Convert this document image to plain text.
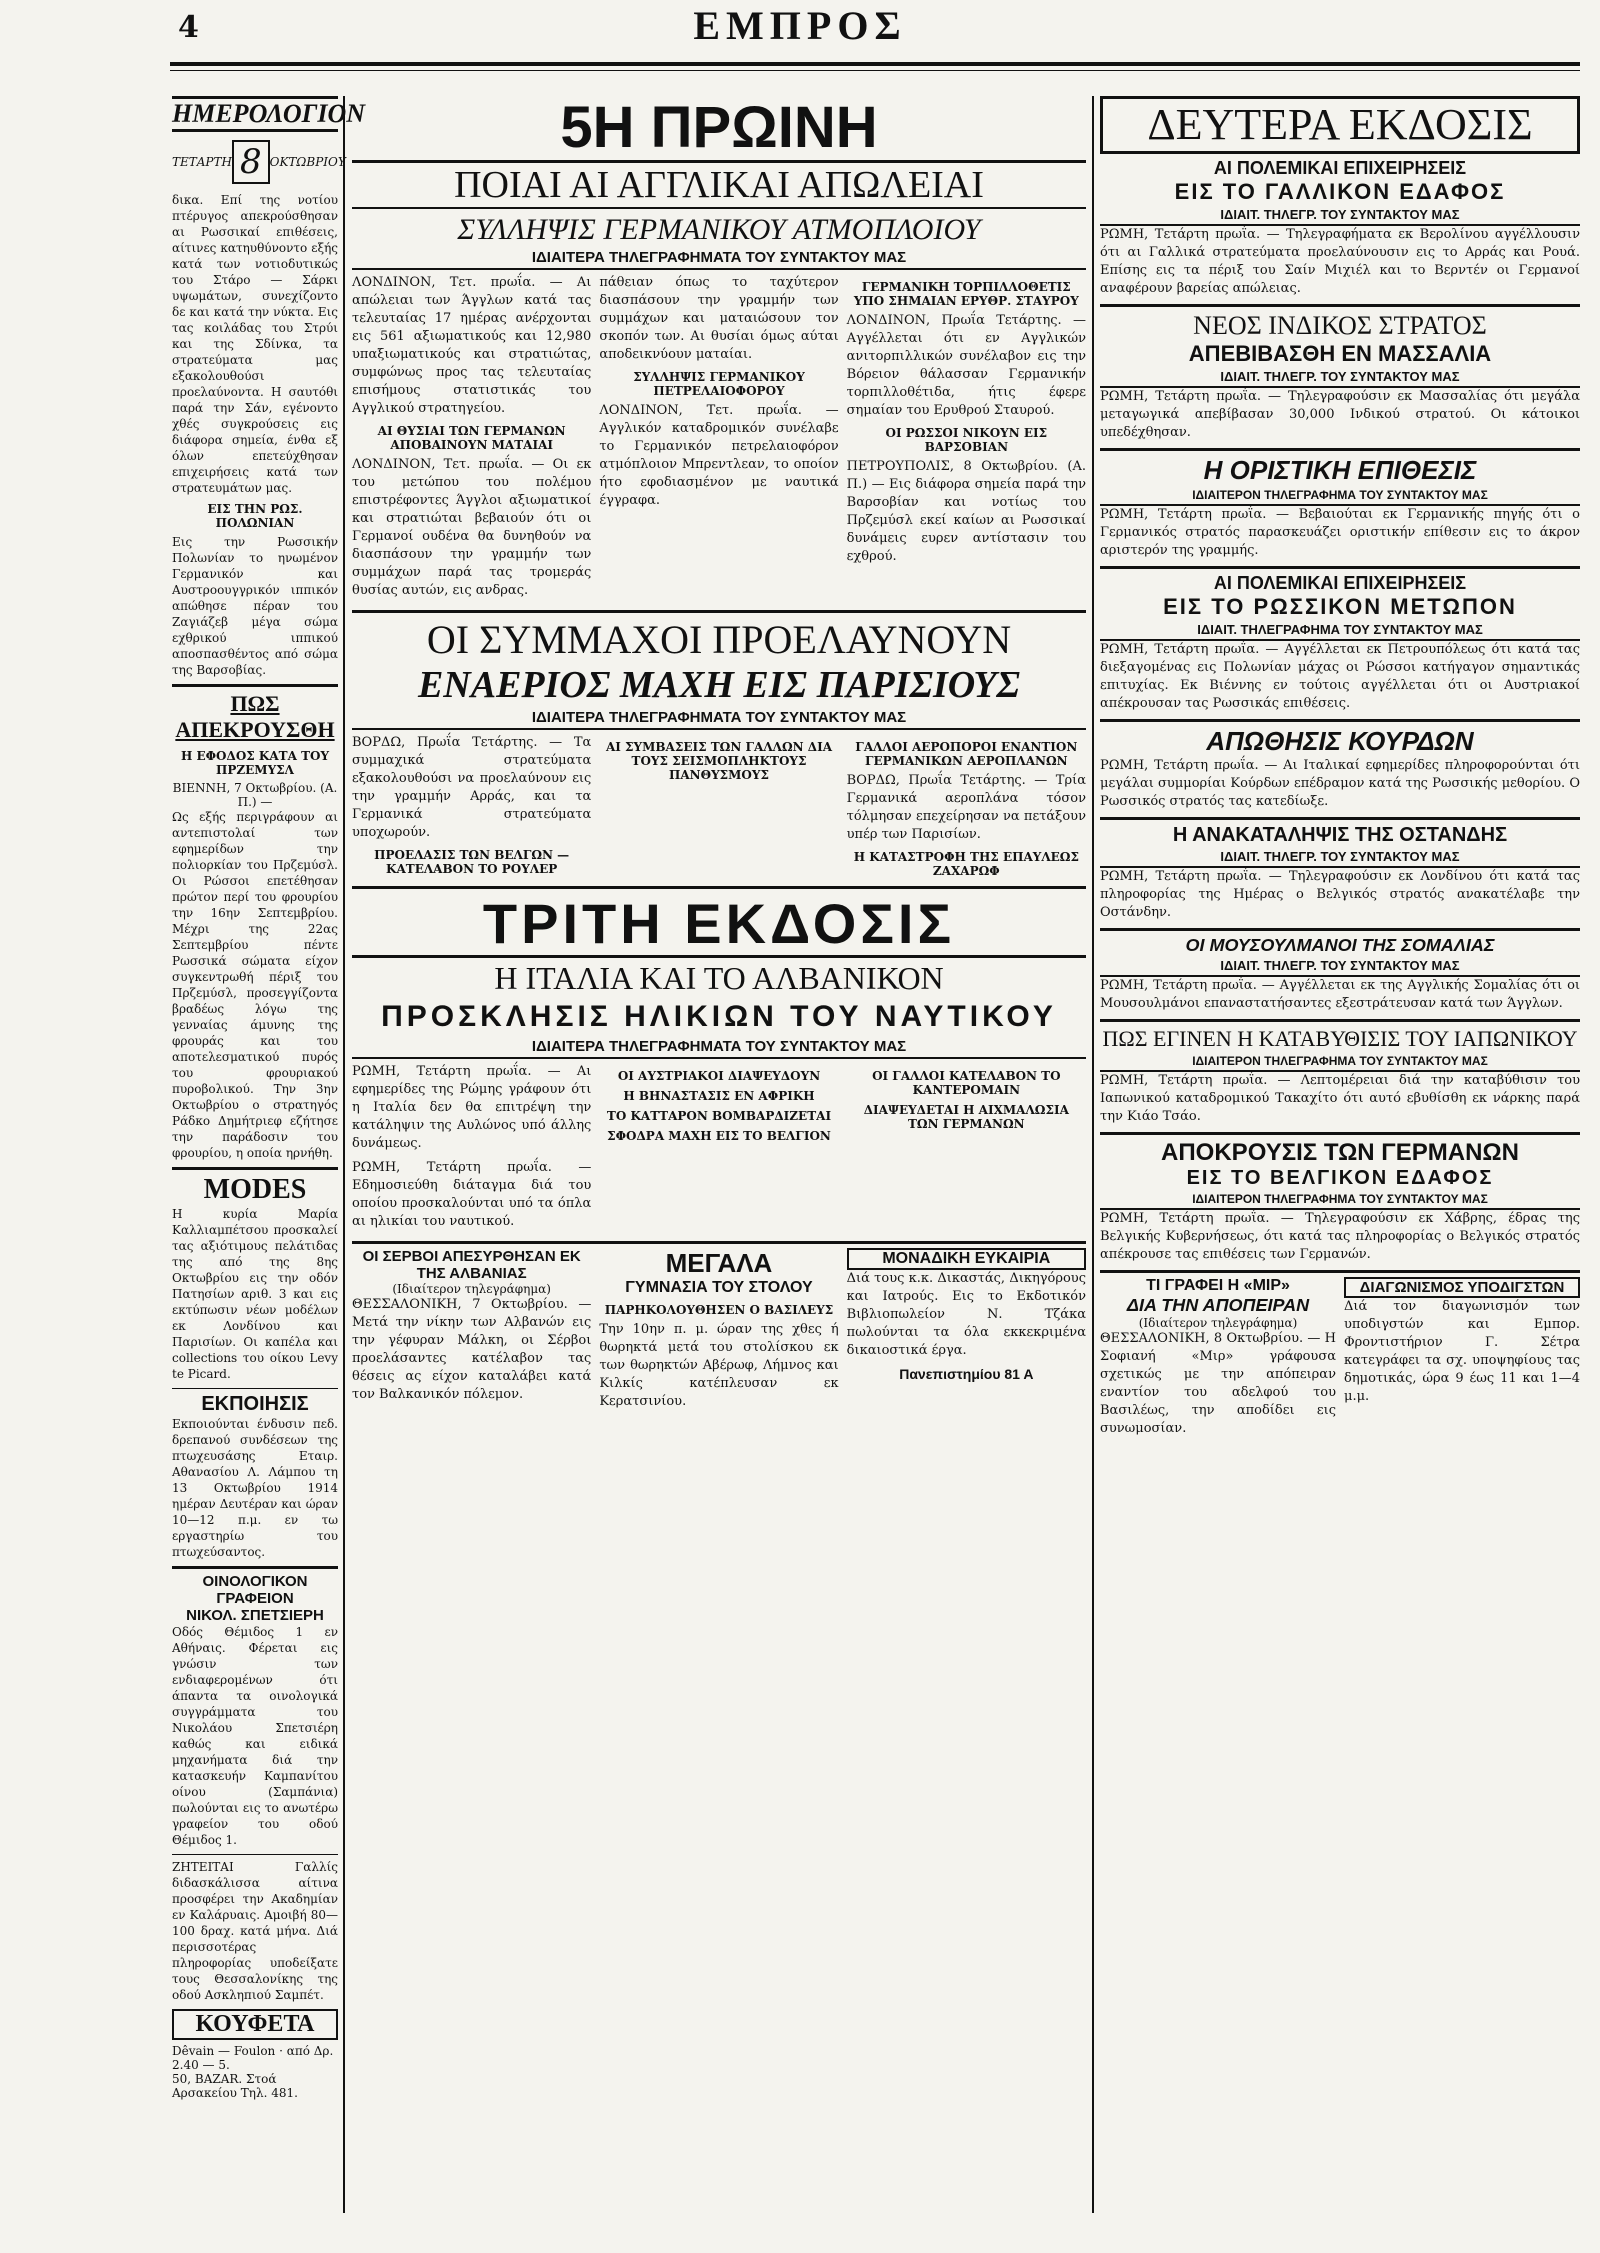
4	ΕΜΠΡΟΣ
ΗΜΕΡΟΛΟΓΙΟΝ
ΤΕΤΑΡΤΗ 8 ΟΚΤΩΒΡΙΟΥ

δικα. Επί της νοτίου πτέρυγος απεκρούσθησαν αι Ρωσσικαί επιθέσεις, αίτινες κατηυθύνοντο εξής κατά των νοτιοδυτικώς του Στάρο — Σάρκι υψωμάτων, συνεχίζοντο δε και κατά την νύκτα. Εις τας κοιλάδας του Στρύι και της Σδίνκα, τα στρατεύματα μας εξακολουθούσι προελαύνοντα. Η σαυτόθι παρά την Σάν, εγένοντο χθές συγκρούσεις εις διάφορα σημεία, ένθα εξ όλων επετεύχθησαν επιχειρήσεις κατά των στρατευμάτων μας.

ΕΙΣ ΤΗΝ ΡΩΣ. ΠΟΛΩΝΙΑΝ

Εις την Ρωσσικήν Πολωνίαν το ηνωμένον Γερμανικόν και Αυστροουγγρικόν ιππικόν απώθησε πέραν του Ζαγιάζεβ μέγα σώμα εχθρικού ιππικού αποσπασθέντος από σώμα της Βαρσοβίας.

ΠΩΣ ΑΠΕΚΡΟΥΣΘΗ
Η ΕΦΟΔΟΣ ΚΑΤΑ ΤΟΥ ΠΡΖΕΜΥΣΛ
ΒΙΕΝΝΗ, 7 Οκτωβρίου. (Α. Π.) —

Ως εξής περιγράφουν αι αντεπιστολαί των εφημερίδων την πολιορκίαν του Πρζεμύσλ. Οι Ρώσσοι επετέθησαν πρώτον περί του φρουρίου την 16ην Σεπτεμβρίου. Μέχρι της 22ας Σεπτεμβρίου πέντε Ρωσσικά σώματα είχον συγκεντρωθή πέριξ του Πρζεμύσλ, προσεγγίζοντα βραδέως λόγω της γενναίας άμυνης της φρουράς και του αποτελεσματικού πυρός του φρουριακού πυροβολικού. Την 3ην Οκτωβρίου ο στρατηγός Ράδκο Δημήτριεφ εζήτησε την παράδοσιν του φρουρίου, η οποία ηρνήθη.

MODES

Η κυρία Μαρία Καλλιαμπέτσου προσκαλεί τας αξιότιμους πελάτιδας της από της 8ης Οκτωβρίου εις την οδόν Πατησίων αριθ. 3 και εις εκτύπωσιν νέων μοδέλων εκ Λονδίνου και Παρισίων. Οι καπέλα και collections του οίκου Levy te Picard.

ΕΚΠΟΙΗΣΙΣ

Εκποιούνται ένδυσιν πεδ. δρεπανού συνδέσεων της πτωχευσάσης Εταιρ. Αθανασίου Λ. Λάμπου τη 13 Οκτωβρίου 1914 ημέραν Δευτέραν και ώραν 10—12 π.μ. εν τω εργαστηρίω του πτωχεύσαντος.

ΟΙΝΟΛΟΓΙΚΟΝ ΓΡΑΦΕΙΟΝ
ΝΙΚΟΛ. ΣΠΕΤΣΙΕΡΗ

Οδός Θέμιδος 1 εν Αθήναις. Φέρεται εις γνώσιν των ενδιαφερομένων ότι άπαντα τα οινολογικά συγγράμματα του Νικολάου Σπετσιέρη καθώς και ειδικά μηχανήματα διά την κατασκευήν Καμπανίτου οίνου (Σαμπάνια) πωλούνται εις το ανωτέρω γραφείον του οδού Θέμιδος 1.

ΖΗΤΕΙΤΑΙ Γαλλίς διδασκάλισσα αίτινα προσφέρει την Ακαδημίαν εν Καλάρυαις. Αμοιβή 80—100 δραχ. κατά μήνα. Διά περισσοτέρας πληροφορίας υποδείξατε τους Θεσσαλονίκης της οδού Ασκληπιού Σαμπέτ.

ΚΟΥΦΕΤΑ
Dêvain — Foulon · από Δρ. 2.40 — 5.
50, BAZAR. Στοά Αρσακείου Τηλ. 481.
5Η ΠΡΩΙΝΗ
ΠΟΙΑΙ ΑΙ ΑΓΓΛΙΚΑΙ ΑΠΩΛΕΙΑΙ
ΣΥΛΛΗΨΙΣ ΓΕΡΜΑΝΙΚΟΥ ΑΤΜΟΠΛΟΙΟΥ
ΙΔΙΑΙΤΕΡΑ ΤΗΛΕΓΡΑΦΗΜΑΤΑ ΤΟΥ ΣΥΝΤΑΚΤΟΥ ΜΑΣ

ΛΟΝΔΙΝΟΝ, Τετ. πρωΐα. — Αι απώλειαι των Άγγλων κατά τας τελευταίας 17 ημέρας ανέρχονται εις 561 αξιωματικούς και 12,980 υπαξιωματικούς και στρατιώτας, συμφώνως προς τας τελευταίας επισήμους στατιστικάς του Αγγλικού στρατηγείου.

ΑΙ ΘΥΣΙΑΙ ΤΩΝ ΓΕΡΜΑΝΩΝ ΑΠΟΒΑΙΝΟΥΝ ΜΑΤΑΙΑΙ

ΛΟΝΔΙΝΟΝ, Τετ. πρωΐα. — Οι εκ του μετώπου του πολέμου επιστρέφοντες Άγγλοι αξιωματικοί και στρατιώται βεβαιούν ότι οι Γερμανοί ουδένα θα δυνηθούν να διασπάσουν την γραμμήν των συμμάχων παρά τας τρομεράς θυσίας αυτών, εις ανδρας.

πάθειαν όπως το ταχύτερον διασπάσουν την γραμμήν των συμμάχων και ματαιώσουν τον σκοπόν των. Αι θυσίαι όμως αύται αποδεικνύουν ματαίαι.

ΣΥΛΛΗΨΙΣ ΓΕΡΜΑΝΙΚΟΥ ΠΕΤΡΕΛΑΙΟΦΟΡΟΥ

ΛΟΝΔΙΝΟΝ, Τετ. πρωΐα. — Αγγλικόν καταδρομικόν συνέλαβε το Γερμανικόν πετρελαιοφόρον ατμόπλοιον Μπρεντλεαν, το οποίον ήτο εφοδιασμένον με ναυτικά έγγραφα.

ΓΕΡΜΑΝΙΚΗ ΤΟΡΠΙΛΛΟΘΕΤΙΣ ΥΠΟ ΣΗΜΑΙΑΝ ΕΡΥΘΡ. ΣΤΑΥΡΟΥ

ΛΟΝΔΙΝΟΝ, Πρωΐα Τετάρτης. — Αγγέλλεται ότι εν Αγγλικών ανιτορπιλλικών συνέλαβον εις την Βόρειον θάλασσαν Γερμανικήν τορπιλλοθέτιδα, ήτις έφερε σημαίαν του Ερυθρού Σταυρού.

ΟΙ ΡΩΣΣΟΙ ΝΙΚΟΥΝ ΕΙΣ ΒΑΡΣΟΒΙΑΝ

ΠΕΤΡΟΥΠΟΛΙΣ, 8 Οκτωβρίου. (Α. Π.) — Εις διάφορα σημεία παρά την Βαρσοβίαν και νοτίως του Πρζεμύσλ εκεί καίων αι Ρωσσικαί δυνάμεις ευρεν αντίστασιν του εχθρού.

ΟΙ ΣΥΜΜΑΧΟΙ ΠΡΟΕΛΑΥΝΟΥΝ
ΕΝΑΕΡΙΟΣ ΜΑΧΗ ΕΙΣ ΠΑΡΙΣΙΟΥΣ
ΙΔΙΑΙΤΕΡΑ ΤΗΛΕΓΡΑΦΗΜΑΤΑ ΤΟΥ ΣΥΝΤΑΚΤΟΥ ΜΑΣ

ΒΟΡΔΩ, Πρωΐα Τετάρτης. — Τα συμμαχικά στρατεύματα εξακολουθούσι να προελαύνουν εις την γραμμήν Αρράς, και τα Γερμανικά στρατεύματα υποχωρούν.

ΠΡΟΕΛΑΣΙΣ ΤΩΝ ΒΕΛΓΩΝ — ΚΑΤΕΛΑΒΟΝ ΤΟ ΡΟΥΛΕΡ
ΑΙ ΣΥΜΒΑΣΕΙΣ ΤΩΝ ΓΑΛΛΩΝ ΔΙΑ ΤΟΥΣ ΣΕΙΣΜΟΠΛΗΚΤΟΥΣ ΠΑΝΘΥΣΜΟΥΣ
ΓΑΛΛΟΙ ΑΕΡΟΠΟΡΟΙ ΕΝΑΝΤΙΟΝ ΓΕΡΜΑΝΙΚΩΝ ΑΕΡΟΠΛΑΝΩΝ

ΒΟΡΔΩ, Πρωΐα Τετάρτης. — Τρία Γερμανικά αεροπλάνα τόσον τόλμησαν επεχείρησαν να πετάξουν υπέρ των Παρισίων.

Η ΚΑΤΑΣΤΡΟΦΗ ΤΗΣ ΕΠΑΥΛΕΩΣ ΖΑΧΑΡΩΦ
ΤΡΙΤΗ ΕΚΔΟΣΙΣ
Η ΙΤΑΛΙΑ ΚΑΙ ΤΟ ΑΛΒΑΝΙΚΟΝ
ΠΡΟΣΚΛΗΣΙΣ ΗΛΙΚΙΩΝ ΤΟΥ ΝΑΥΤΙΚΟΥ
ΙΔΙΑΙΤΕΡΑ ΤΗΛΕΓΡΑΦΗΜΑΤΑ ΤΟΥ ΣΥΝΤΑΚΤΟΥ ΜΑΣ

ΡΩΜΗ, Τετάρτη πρωΐα. — Αι εφημερίδες της Ρώμης γράφουν ότι η Ιταλία δεν θα επιτρέψη την κατάληψιν της Αυλώνος υπό άλλης δυνάμεως.

ΡΩΜΗ, Τετάρτη πρωΐα. — Εδημοσιεύθη διάταγμα διά του οποίου προσκαλούνται υπό τα όπλα αι ηλικίαι του ναυτικού.

ΟΙ ΑΥΣΤΡΙΑΚΟΙ ΔΙΑΨΕΥΔΟΥΝ
Η ΒΗΝΑΣΤΑΣΙΣ ΕΝ ΑΦΡΙΚΗ
ΤΟ ΚΑΤΤΑΡΟΝ ΒΟΜΒΑΡΔΙΖΕΤΑΙ
ΣΦΟΔΡΑ ΜΑΧΗ ΕΙΣ ΤΟ ΒΕΛΓΙΟΝ
ΟΙ ΓΑΛΛΟΙ ΚΑΤΕΛΑΒΟΝ ΤΟ ΚΑΝΤΕΡΟΜΑΙΝ
ΔΙΑΨΕΥΔΕΤΑΙ Η ΑΙΧΜΑΛΩΣΙΑ ΤΩΝ ΓΕΡΜΑΝΩΝ
ΟΙ ΣΕΡΒΟΙ ΑΠΕΣΥΡΘΗΣΑΝ ΕΚ ΤΗΣ ΑΛΒΑΝΙΑΣ
(Ιδιαίτερον τηλεγράφημα)

ΘΕΣΣΑΛΟΝΙΚΗ, 7 Οκτωβρίου. — Μετά την νίκην των Αλβανών εις την γέφυραν Μάλκη, οι Σέρβοι προελάσαντες κατέλαβον τας θέσεις ας είχον καταλάβει κατά τον Βαλκανικόν πόλεμον.

ΜΕΓΑΛΑ
ΓΥΜΝΑΣΙΑ ΤΟΥ ΣΤΟΛΟΥ
ΠΑΡΗΚΟΛΟΥΘΗΣΕΝ Ο ΒΑΣΙΛΕΥΣ

Την 10ην π. μ. ώραν της χθες ή θωρηκτά μετά του στολίσκου εκ των θωρηκτών Αβέρωφ, Λήμνος και Κιλκίς κατέπλευσαν εκ Κερατσινίου.

ΜΟΝΑΔΙΚΗ ΕΥΚΑΙΡΙΑ

Διά τους κ.κ. Δικαστάς, Δικηγόρους και Ιατρούς. Εις το Εκδοτικόν Βιβλιοπωλείον Ν. Τζάκα πωλούνται τα όλα εκκεκριμένα δικαιοστικά έργα.

Πανεπιστημίου 81 Α
ΔΕΥΤΕΡΑ ΕΚΔΟΣΙΣ
ΑΙ ΠΟΛΕΜΙΚΑΙ ΕΠΙΧΕΙΡΗΣΕΙΣ
ΕΙΣ ΤΟ ΓΑΛΛΙΚΟΝ ΕΔΑΦΟΣ
ΙΔΙΑΙΤ. ΤΗΛΕΓΡ. ΤΟΥ ΣΥΝΤΑΚΤΟΥ ΜΑΣ

ΡΩΜΗ, Τετάρτη πρωΐα. — Τηλεγραφήματα εκ Βερολίνου αγγέλλουσιν ότι αι Γαλλικά στρατεύματα προελαύνουσιν εις το Αρράς και Ρουά. Επίσης εις τα πέριξ του Σαίν Μιχιέλ και το Βερντέν οι Γερμανοί αναφέρουν βαρείας απώλειας.

ΝΕΟΣ ΙΝΔΙΚΟΣ ΣΤΡΑΤΟΣ
ΑΠΕΒΙΒΑΣΘΗ ΕΝ ΜΑΣΣΑΛΙΑ
ΙΔΙΑΙΤ. ΤΗΛΕΓΡ. ΤΟΥ ΣΥΝΤΑΚΤΟΥ ΜΑΣ

ΡΩΜΗ, Τετάρτη πρωΐα. — Τηλεγραφούσιν εκ Μασσαλίας ότι μεγάλα μεταγωγικά απεβίβασαν 30,000 Ινδικού στρατού. Οι κάτοικοι υπεδέχθησαν.

Η ΟΡΙΣΤΙΚΗ ΕΠΙΘΕΣΙΣ
ΙΔΙΑΙΤΕΡΟΝ ΤΗΛΕΓΡΑΦΗΜΑ ΤΟΥ ΣΥΝΤΑΚΤΟΥ ΜΑΣ

ΡΩΜΗ, Τετάρτη πρωΐα. — Βεβαιούται εκ Γερμανικής πηγής ότι ο Γερμανικός στρατός παρασκευάζει οριστικήν επίθεσιν εις το άκρον αριστερόν της γραμμής.

ΑΙ ΠΟΛΕΜΙΚΑΙ ΕΠΙΧΕΙΡΗΣΕΙΣ
ΕΙΣ ΤΟ ΡΩΣΣΙΚΟΝ ΜΕΤΩΠΟΝ
ΙΔΙΑΙΤ. ΤΗΛΕΓΡΑΦΗΜΑ ΤΟΥ ΣΥΝΤΑΚΤΟΥ ΜΑΣ

ΡΩΜΗ, Τετάρτη πρωΐα. — Αγγέλλεται εκ Πετρουπόλεως ότι κατά τας διεξαγομένας εις Πολωνίαν μάχας οι Ρώσσοι κατήγαγον σημαντικάς επιτυχίας. Εκ Βιέννης εν τούτοις αγγέλλεται ότι οι Αυστριακοί απέκρουσαν τας Ρωσσικάς επιθέσεις.

ΑΠΩΘΗΣΙΣ ΚΟΥΡΔΩΝ

ΡΩΜΗ, Τετάρτη πρωΐα. — Αι Ιταλικαί εφημερίδες πληροφορούνται ότι μεγάλαι συμμορίαι Κούρδων επέδραμον κατά της Ρωσσικής μεθορίου. Ο Ρωσσικός στρατός τας κατεδίωξε.

Η ΑΝΑΚΑΤΑΛΗΨΙΣ ΤΗΣ ΟΣΤΑΝΔΗΣ
ΙΔΙΑΙΤ. ΤΗΛΕΓΡ. ΤΟΥ ΣΥΝΤΑΚΤΟΥ ΜΑΣ

ΡΩΜΗ, Τετάρτη πρωΐα. — Τηλεγραφούσιν εκ Λονδίνου ότι κατά τας πληροφορίας της Ημέρας ο Βελγικός στρατός ανακατέλαβε την Οστάνδην.

ΟΙ ΜΟΥΣΟΥΛΜΑΝΟΙ ΤΗΣ ΣΟΜΑΛΙΑΣ
ΙΔΙΑΙΤ. ΤΗΛΕΓΡ. ΤΟΥ ΣΥΝΤΑΚΤΟΥ ΜΑΣ

ΡΩΜΗ, Τετάρτη πρωΐα. — Αγγέλλεται εκ της Αγγλικής Σομαλίας ότι οι Μουσουλμάνοι επαναστατήσαντες εξεστράτευσαν κατά των Άγγλων.

ΠΩΣ ΕΓΙΝΕΝ Η ΚΑΤΑΒΥΘΙΣΙΣ ΤΟΥ ΙΑΠΩΝΙΚΟΥ
ΙΔΙΑΙΤΕΡΟΝ ΤΗΛΕΓΡΑΦΗΜΑ ΤΟΥ ΣΥΝΤΑΚΤΟΥ ΜΑΣ

ΡΩΜΗ, Τετάρτη πρωΐα. — Λεπτομέρειαι διά την καταβύθισιν του Ιαπωνικού καταδρομικού Τακαχίτο ότι αυτό εβυθίσθη εκ νάρκης παρά την Κιάο Τσάο.

ΑΠΟΚΡΟΥΣΙΣ ΤΩΝ ΓΕΡΜΑΝΩΝ
ΕΙΣ ΤΟ ΒΕΛΓΙΚΟΝ ΕΔΑΦΟΣ
ΙΔΙΑΙΤΕΡΟΝ ΤΗΛΕΓΡΑΦΗΜΑ ΤΟΥ ΣΥΝΤΑΚΤΟΥ ΜΑΣ

ΡΩΜΗ, Τετάρτη πρωΐα. — Τηλεγραφούσιν εκ Χάβρης, έδρας της Βελγικής Κυβερνήσεως, ότι κατά τας πληροφορίας ο Βελγικός στρατός απέκρουσε τας επιθέσεις των Γερμανών.

ΤΙ ΓΡΑΦΕΙ Η «ΜΙΡ»
ΔΙΑ ΤΗΝ ΑΠΟΠΕΙΡΑΝ
(Ιδιαίτερον τηλεγράφημα)

ΘΕΣΣΑΛΟΝΙΚΗ, 8 Οκτωβρίου. — Η Σοφιανή «Μιρ» γράφουσα σχετικώς με την απόπειραν εναντίον του αδελφού του Βασιλέως, την αποδίδει εις συνωμοσίαν.

ΔΙΑΓΩΝΙΣΜΟΣ ΥΠΟΔΙΓΣΤΩΝ

Διά τον διαγωνισμόν των υποδιγστών και Εμπορ. Φροντιστήριον Γ. Σέτρα κατεγράφει τα σχ. υποψηφίους τας δημοτικάς, ώρα 9 έως 11 και 1—4 μ.μ.
